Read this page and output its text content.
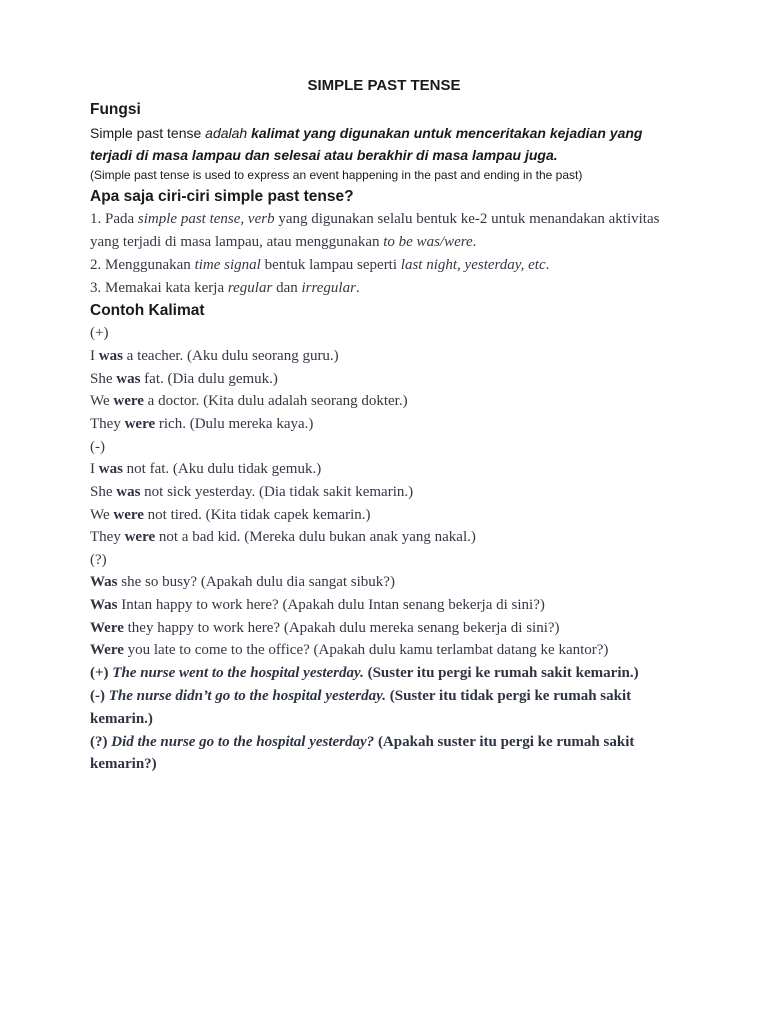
SIMPLE PAST TENSE
Fungsi
Simple past tense adalah kalimat yang digunakan untuk menceritakan kejadian yang
terjadi di masa lampau dan selesai atau berakhir di masa lampau juga.
(Simple past tense is used to express an event happening in the past and ending in the past)
Apa saja ciri-ciri simple past tense?
1. Pada simple past tense, verb yang digunakan selalu bentuk ke-2 untuk menandakan aktivitas
yang terjadi di masa lampau, atau menggunakan to be was/were.
2. Menggunakan time signal bentuk lampau seperti last night, yesterday, etc.
3. Memakai kata kerja regular dan irregular.
Contoh Kalimat
(+)
I was a teacher. (Aku dulu seorang guru.)
She was fat. (Dia dulu gemuk.)
We were a doctor. (Kita dulu adalah seorang dokter.)
They were rich. (Dulu mereka kaya.)
(-)
I was not fat. (Aku dulu tidak gemuk.)
She was not sick yesterday. (Dia tidak sakit kemarin.)
We were not tired. (Kita tidak capek kemarin.)
They were not a bad kid. (Mereka dulu bukan anak yang nakal.)
(?)
Was she so busy? (Apakah dulu dia sangat sibuk?)
Was Intan happy to work here? (Apakah dulu Intan senang bekerja di sini?)
Were they happy to work here? (Apakah dulu mereka senang bekerja di sini?)
Were you late to come to the office? (Apakah dulu kamu terlambat datang ke kantor?)
(+) The nurse went to the hospital yesterday. (Suster itu pergi ke rumah sakit kemarin.)
(-) The nurse didn’t go to the hospital yesterday. (Suster itu tidak pergi ke rumah sakit
kemarin.)
(?) Did the nurse go to the hospital yesterday? (Apakah suster itu pergi ke rumah sakit
kemarin?)
